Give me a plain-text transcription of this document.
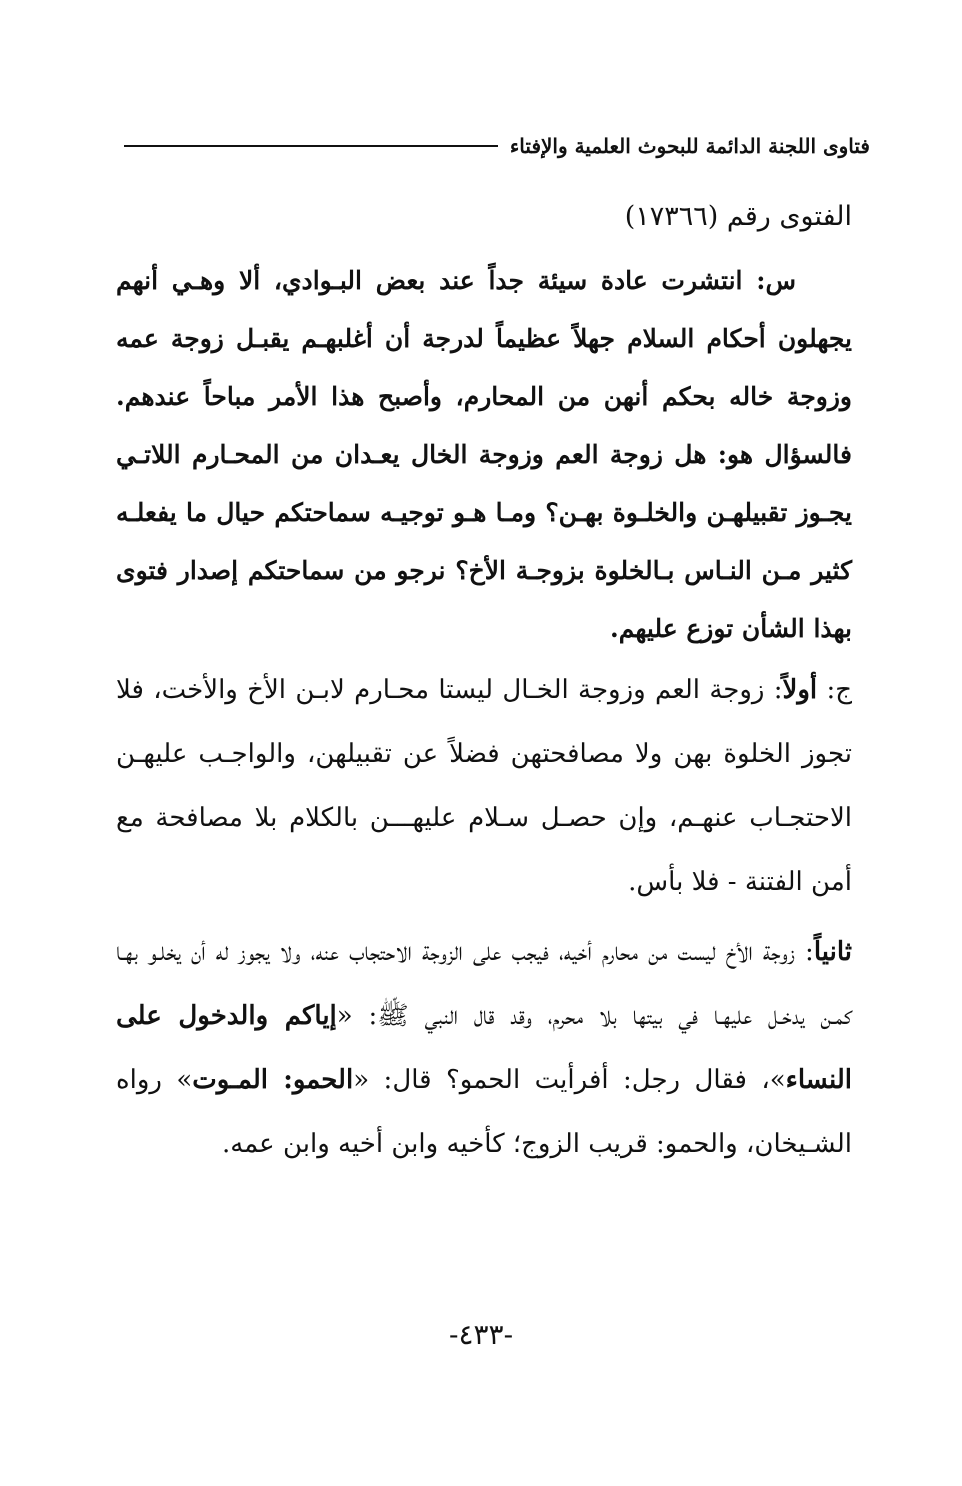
فتاوى اللجنة الدائمة للبحوث العلمية والإفتاء
الفتوى رقم (١٧٣٦٦)

س: انتشرت عادة سيئة جداً عند بعض البـوادي، ألا وهـي أنهم يجهلون أحكام السلام جهلاً عظيماً لدرجة أن أغلبهـم يقبـل زوجة عمه وزوجة خاله بحكم أنهن من المحارم، وأصبح هذا الأمر مباحاً عندهم. فالسؤال هو: هل زوجة العم وزوجة الخال يعـدان من المحـارم اللاتـي يجـوز تقبيلهـن والخلـوة بهـن؟ ومـا هـو توجيـه سماحتكم حيال ما يفعلـه كثير مـن النـاس بـالخلوة بزوجـة الأخ؟ نرجو من سماحتكم إصدار فتوى بهذا الشأن توزع عليهم.

ج: أولاً: زوجة العم وزوجة الخـال ليستا محـارم لابـن الأخ والأخت، فلا تجوز الخلوة بهن ولا مصافحتهن فضلاً عن تقبيلهن، والواجـب عليهـن الاحتجـاب عنهـم، وإن حصـل سـلام عليهـــن بالكلام بلا مصافحة مع أمن الفتنة - فلا بأس.

ثانياً: زوجة الأخ ليست من محارم أخيه، فيجب على الزوجة الاحتجاب عنه، ولا يجوز له أن يخلـو بهـا كمـن يدخـل عليهـا في بيتها بلا محرم، وقد قال النبي ﷺ: «إياكم والدخول على النساء»، فقال رجل: أفرأيت الحمو؟ قال: «الحمو: المـوت» رواه الشـيخان، والحمو: قريب الزوج؛ كأخيه وابن أخيه وابن عمه.

-٤٣٣-
